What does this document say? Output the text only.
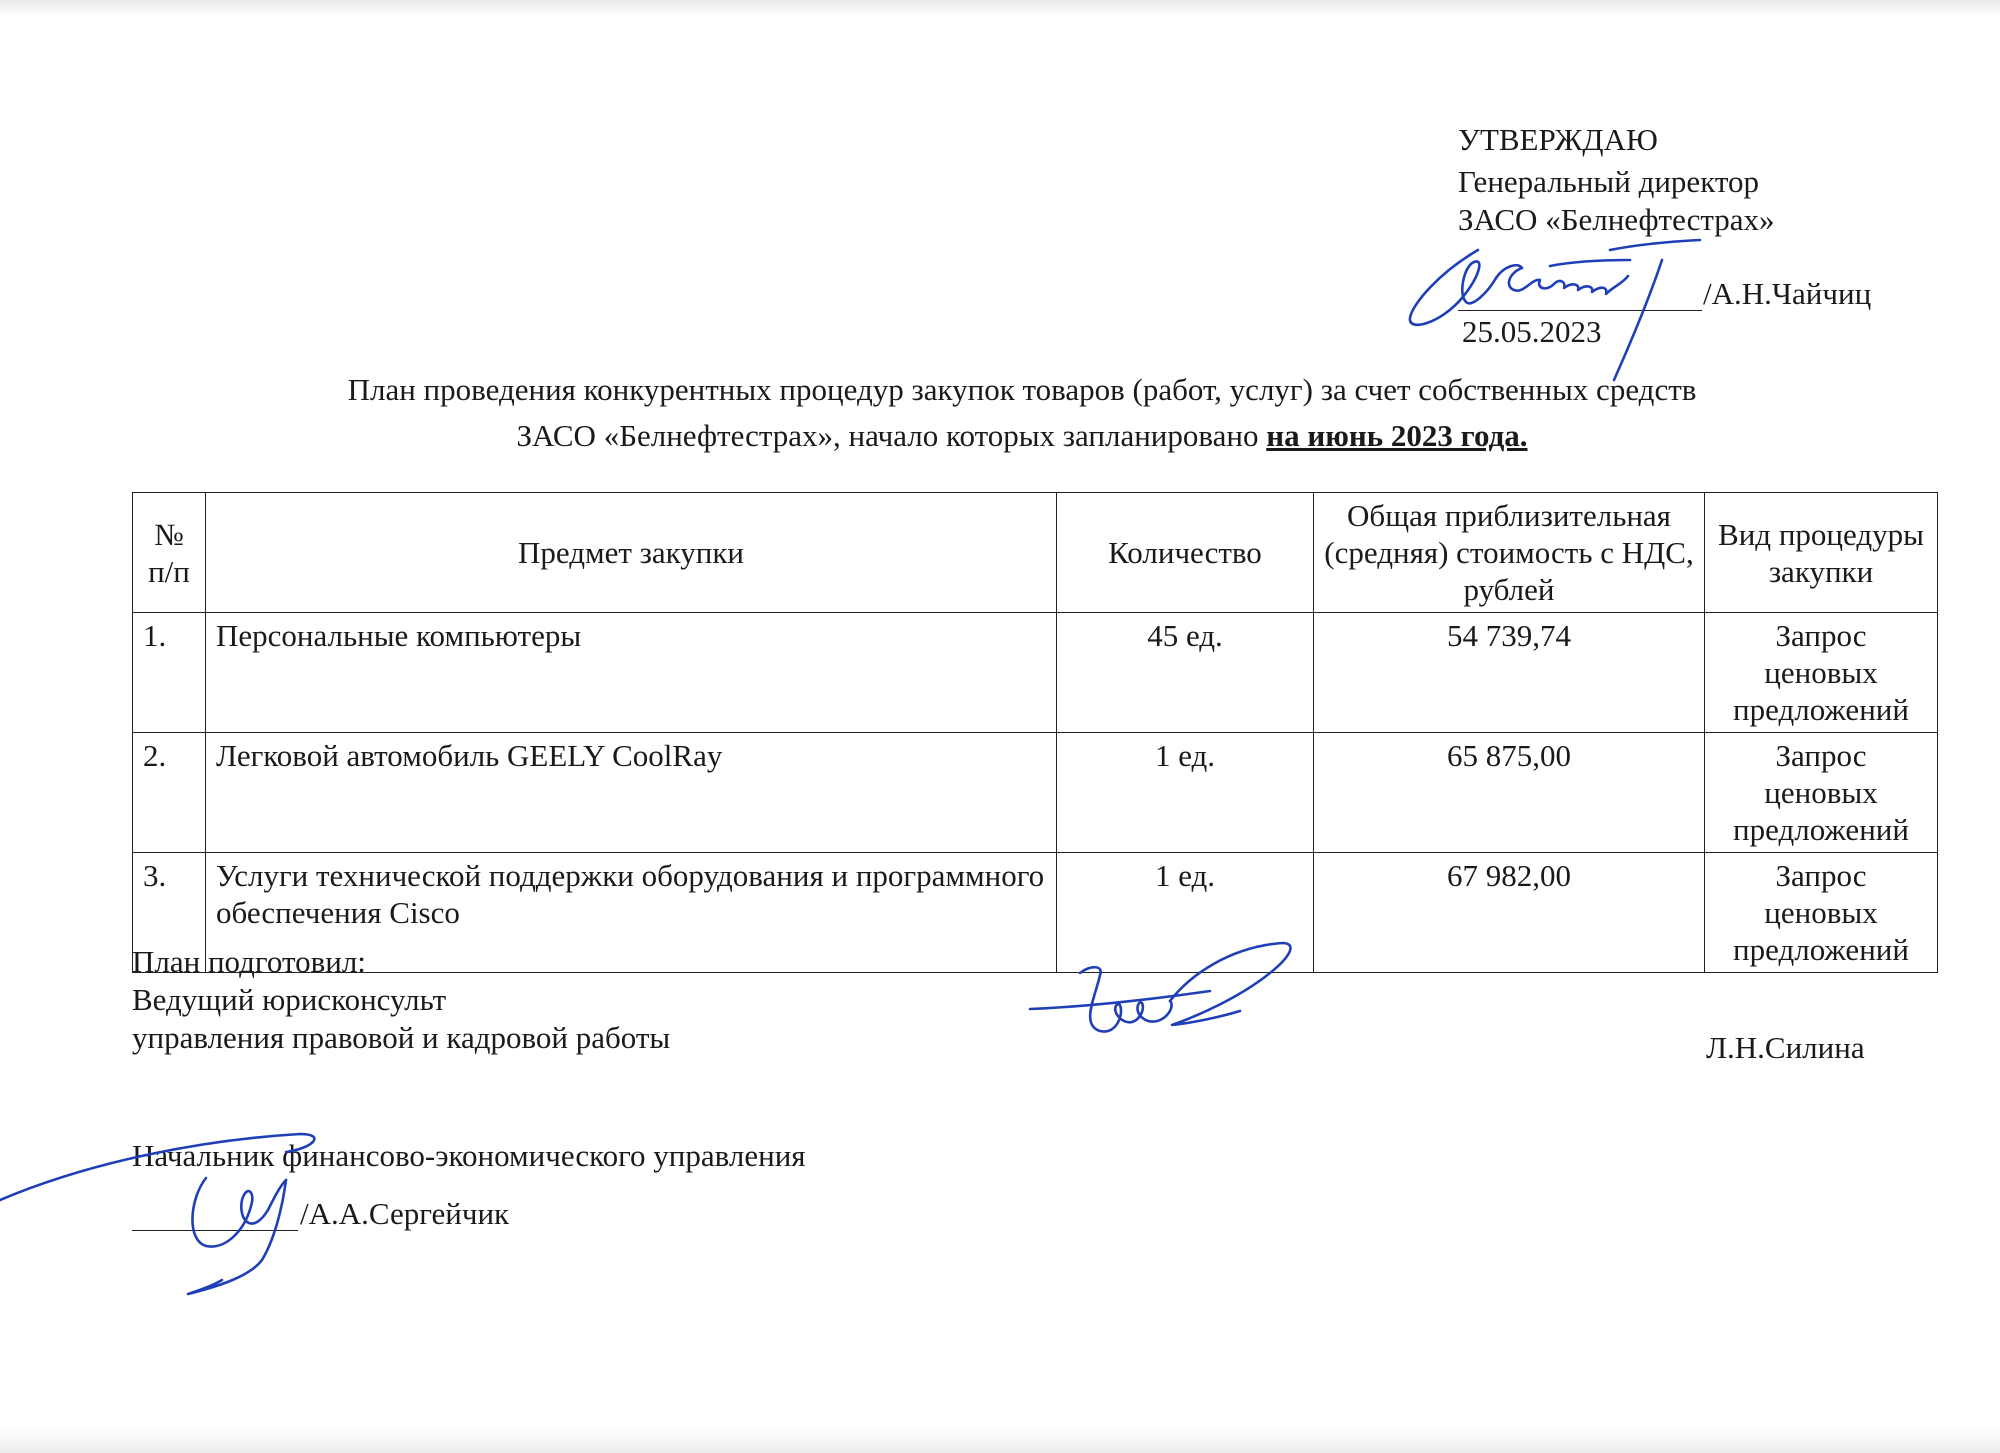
УТВЕРЖДАЮ
Генеральный директор
ЗАСО «Белнефтестрах»
/А.Н.Чайчиц
25.05.2023
План проведения конкурентных процедур закупок товаров (работ, услуг) за счет собственных средств
ЗАСО «Белнефтестрах», начало которых запланировано на июнь 2023 года.
№ п/п	Предмет закупки	Количество	Общая приблизительная (средняя) стоимость с НДС, рублей	Вид процедуры закупки
1.	Персональные компьютеры	45 ед.	54 739,74	Запрос ценовых предложений
2.	Легковой автомобиль GEELY CoolRay	1 ед.	65 875,00	Запрос ценовых предложений
3.	Услуги технической поддержки оборудования и программного обеспечения Cisco	1 ед.	67 982,00	Запрос ценовых предложений
План подготовил:
Ведущий юрисконсульт
управления правовой и кадровой работы	Л.Н.Силина
Начальник финансово-экономического управления
/А.А.Сергейчик
